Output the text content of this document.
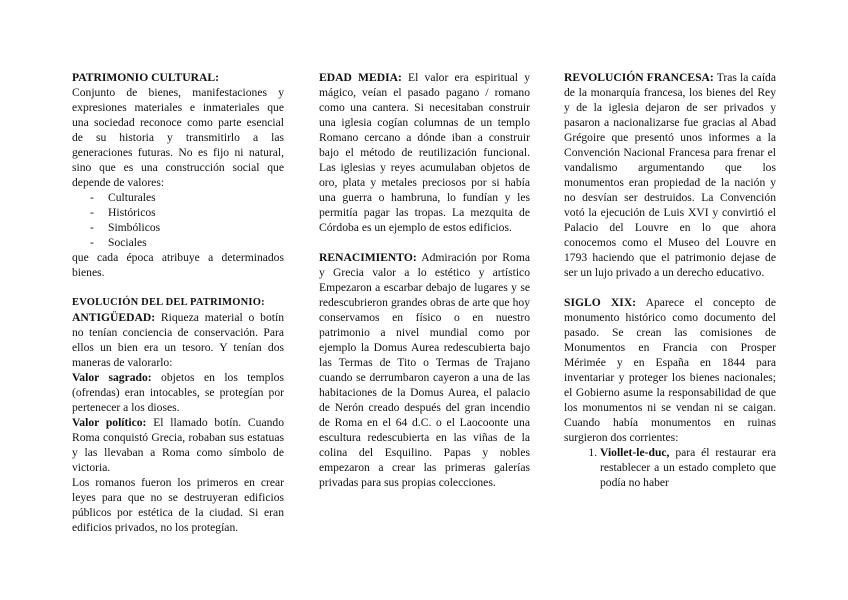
PATRIMONIO CULTURAL:

Conjunto de bienes, manifestaciones y expresiones materiales e inmateriales que una sociedad reconoce como parte esencial de su historia y transmitirlo a las generaciones futuras. No es fijo ni natural, sino que es una construcción social que depende de valores:

- Culturales
- Históricos
- Simbólicos
- Sociales

que cada época atribuye a determinados bienes.

EVOLUCIÓN DEL DEL PATRIMONIO:

ANTIGÜEDAD: Riqueza material o botín no tenían conciencia de conservación. Para ellos un bien era un tesoro. Y tenían dos maneras de valorarlo:

Valor sagrado: objetos en los templos (ofrendas) eran intocables, se protegían por pertenecer a los dioses.

Valor político: El llamado botín. Cuando Roma conquistó Grecia, robaban sus estatuas y las llevaban a Roma como símbolo de victoria.

Los romanos fueron los primeros en crear leyes para que no se destruyeran edificios públicos por estética de la ciudad. Si eran edificios privados, no los protegían.

EDAD MEDIA: El valor era espiritual y mágico, veían el pasado pagano / romano como una cantera. Si necesitaban construir una iglesia cogían columnas de un templo Romano cercano a dónde iban a construir bajo el método de reutilización funcional. Las iglesias y reyes acumulaban objetos de oro, plata y metales preciosos por si había una guerra o hambruna, lo fundían y les permitía pagar las tropas. La mezquita de Córdoba es un ejemplo de estos edificios.

RENACIMIENTO: Admiración por Roma y Grecia valor a lo estético y artístico Empezaron a escarbar debajo de lugares y se redescubrieron grandes obras de arte que hoy conservamos en físico o en nuestro patrimonio a nivel mundial como por ejemplo la Domus Aurea redescubierta bajo las Termas de Tito o Termas de Trajano cuando se derrumbaron cayeron a una de las habitaciones de la Domus Aurea, el palacio de Nerón creado después del gran incendio de Roma en el 64 d.C. o el Laocoonte una escultura redescubierta en las viñas de la colina del Esquilino. Papas y nobles empezaron a crear las primeras galerías privadas para sus propias colecciones.

REVOLUCIÓN FRANCESA: Tras la caída de la monarquía francesa, los bienes del Rey y de la iglesia dejaron de ser privados y pasaron a nacionalizarse fue gracias al Abad Grégoire que presentó unos informes a la Convención Nacional Francesa para frenar el vandalismo argumentando que los monumentos eran propiedad de la nación y no desvían ser destruidos. La Convención votó la ejecución de Luis XVI y convirtió el Palacio del Louvre en lo que ahora conocemos como el Museo del Louvre en 1793 haciendo que el patrimonio dejase de ser un lujo privado a un derecho educativo.

SIGLO XIX: Aparece el concepto de monumento histórico como documento del pasado. Se crean las comisiones de Monumentos en Francia con Prosper Mérimée y en España en 1844 para inventariar y proteger los bienes nacionales; el Gobierno asume la responsabilidad de que los monumentos ni se vendan ni se caigan. Cuando había monumentos en ruinas surgieron dos corrientes:

1. Viollet-le-duc, para él restaurar era restablecer a un estado completo que podía no haber
